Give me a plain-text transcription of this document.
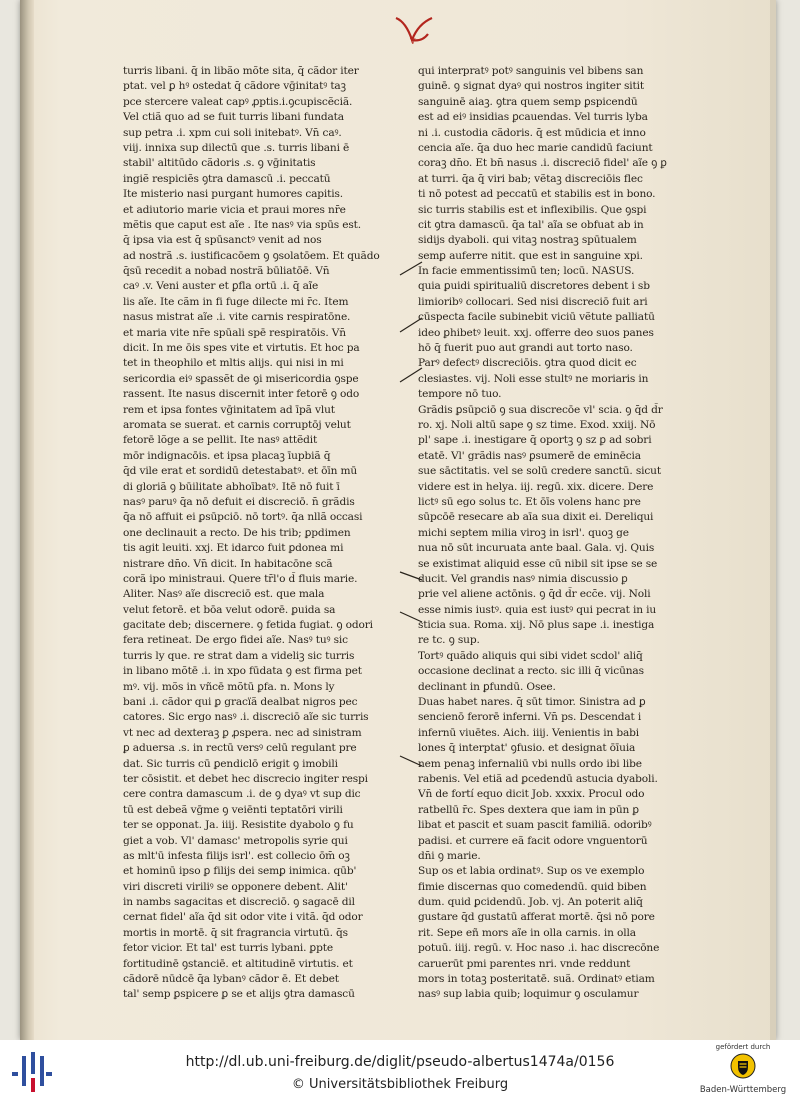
v
turris libani. q̄ in libão mõte sita, q̄ cãdor iter
ptat. vel ꝑ hꝰ ostedat q̄ cãdore vḡinitatꝰ taꝫ
pce stercere valeat capꝰ ꝓptis.i.ꝯcupiscẽciã.
Vel ctiã quo ad se fuit turris libani fundata
sup petra .i. xpm cui soli initebatꝰ. Vn̄ caꝰ.
viij. innixa sup dilectū que .s. turris libani ē
stabil' altitūdo cãdoris .s. ꝯ vḡinitatis
ingiẽ respiciẽs ꝯtra damascū .i. peccatū
Ite misterio nasi purgant humores capitis.
et adiutorio marie vicia et praui mores nr̄e
mẽtis que caput est aĩe . Ite nasꝰ via spūs est.
q̄ ipsa via est q̄ spūsanctꝰ venit ad nos
ad nostrã .s. iustificacōem ꝯ ꝯsolatōem. Et quãdo
q̄sū recedit a nobad nostrã būliatōē. Vn̄
caꝰ .v. Veni auster et ꝑfla ortū .i. q̄ aĩe
lis aĩe. Ite cãm in fi fuge dilecte mi r̄c. Item
nasus mistrat aĩe .i. vite carnis respiratōne.
et maria vite nr̄e spūali spē respiratōis. Vn̄
dicit. In me ōis spes vite et virtutis. Et hoc pa
tet in theophilo et mltis alijs. qui nisi in mi
sericordia eiꝰ sꝑassẽt de ꝯi misericordia ꝯspe
rassent. Ite nasus discernit inter fetorē ꝯ odo
rem et ipsa fontes vḡinitatem ad īpã vlut
aromata se suerat. et carnis corruptōj velut
fetorē lõge a se pellit. Ite nasꝰ attẽdit
mōr indignacōis. et ipsa placaꝫ īupbiã q̄
q̄d vile erat et sordidū detestabatꝰ. et ōīn mū
di gloriã ꝯ būilitate abhoībatꝰ. Itē nō fuit ī
nasꝰ paruꝰ q̄a nō defuit ei discreciō. n̄ grãdis
q̄a nō affuit ei ꝑsūpciō. nō tortꝰ. q̄a nllã occasi
one declinauit a recto. De his trib; ꝑpdimen
tis agit leuiti. xxj. Et idarco fuit ꝑdonea mi
nistrare dn̄o. Vn̄ dicit. In habitacōne scã
corã ipo ministraui. Quere tr̄l'o d̄ fluis marie.
Aliter. Nasꝰ aĩe discreciō est. que mala
velut fetorē. et bōa velut odorē. ꝑuida sa
gacitate deb; discernere. ꝯ fetida fugiat. ꝯ odori
fera retineat. De ergo fidei aĩe. Nasꝰ tuꝰ sic
turris ly que. re strat dam a videliꝫ sic turris
in libano mõtē .i. in xpo fūdata ꝯ est firma pet
mꝰ. vij. mõs in vñcē mõtū ꝑfa. n. Mons ly
bani .i. cãdor qui ꝑ gracïã dealbat nigros pec
catores. Sic ergo nasꝰ .i. discreciō aĩe sic turris
vt nec ad dexteraꝫ ꝑ ꝓspera. nec ad sinistram
ꝑ aduersa .s. in rectū versꝰ celū regulant pre
dat. Sic turris cū ꝑendiclō erigit ꝯ imobili
ter cōsistit. et debet hec discrecio ingiter respi
cere contra damascum .i. de ꝯ dyaꝰ vt sup dic
tū est debeã vḡme ꝯ veiēnti teptatōri virili
ter se opponat. Ja. iiij. Resistite dyabolo ꝯ fu
giet a vob. Vl' damasc' metropolis syrie qui
as mlt'ū infesta filijs isrl'. est collecio ōm̄ oꝫ
et hominū ipso ꝑ filijs dei semꝑ inimica. qūb'
viri discreti viriliꝰ se opponere debent. Alit'
in nambs sagacitas et discreciō. ꝯ sagacē dil
cernat fidel' aĩa q̄d sit odor vite i vitã. q̄d odor
mortis in mortē. q̄ sit fragrancia virtutū. q̄s
fetor vicior. Et tal' est turris lybani. ꝑpte
fortitudinē ꝯstanciē. et altitudinē virtutis. et
cãdorē nūdcē q̄a lybanꝰ cãdor ē. Et debet
tal' semp ꝑspicere ꝑ se et alijs ꝯtra damascū
qui interpratꝰ potꝰ sanguinis vel bibens san
guinē. ꝯ signat dyaꝰ qui nostros ingiter sitit
sanguinē aiaꝫ. ꝯtra quem semp ꝑspicendū
est ad eiꝰ insidias ꝑcauendas. Vel turris lyba
ni .i. custodia cãdoris. q̄ est mūdicia et inno
cencia aĩe. q̄a duo hec marie candidū faciunt
coraꝫ dn̄o. Et bn̄ nasus .i. discreciō fidel' aĩe ꝯ ꝑ
at turri. q̄a q̄ viri bab; vẽtaꝫ discreciōis flec
ti nō potest ad peccatū et stabilis est in bono.
sic turris stabilis est et inflexibilis. Que ꝯspi
cit ꝯtra damascū. q̄a tal' aĩa se obfuat ab in
sidijs dyaboli. qui vitaꝫ nostraꝫ spūtualem
semꝑ auferre nitit. que est in sanguine xpi.
In facie emmentissimū ten; locū. NASUS.
quia ꝑuidi spiritualiū discretores debent i sb
limioribꝰ collocari. Sed nisi discreciō fuit ari
cūspecta facile subinebit viciū vẽtute palliatū
ideo ꝑhibetꝰ leuit. xxj. offerre deo suos panes
hō q̄ fuerit puo aut grandi aut torto naso.
Parꝰ defectꝰ discreciōis. ꝯtra quod dicit ec
clesiastes. vij. Noli esse stultꝰ ne moriaris in
tempore nō tuo.
Grãdis ꝑsūpciō ꝯ sua discrecōe vl' scia. ꝯ q̄d d̄r
ro. xj. Noli altū sape ꝯ sz time. Exod. xxiij. Nō
pl' sape .i. inestigare q̄ oportꝫ ꝯ sz ꝑ ad sobri
etatē. Vl' grãdis nasꝰ ꝑsumerē de eminēcia
sue sāctitatis. vel se solū credere sanctū. sicut
videre est in helya. iij. regū. xix. dicere. Dere
lictꝰ sū ego solus tc. Et ōīs volens hanc pre
sūpcōē resecare ab aīa sua dixit ei. Dereliqui
michi septem milia viroꝫ in isrl'. quoꝫ ge
nua nō sūt incuruata ante baal. Gala. vj. Quis
se existimat aliquid esse cū nibil sit ipse se se
ducit. Vel grandis nasꝰ nimia discussio ꝑ
prie vel aliene actōnis. ꝯ q̄d d̄r ecc̄e. vij. Noli
esse nimis iustꝰ. quia est iustꝰ qui pecrat in iu
sticia sua. Roma. xij. Nō plus sape .i. inestiga
re tc. ꝯ sup.
Tortꝰ quãdo aliquis qui sibi videt scdol' aliq̄
occasione declinat a recto. sic illi q̄ vicūnas
declinant in ꝑfundū. Osee.
Duas habet nares. q̄ sūt timor. Sinistra ad ꝑ
sencienō ferorē inferni. Vn̄ ps. Descendat i
infernū viuētes. Aich. iiij. Venientis in babi
lones q̄ interptat' ꝯfusio. et designat ōīuia
nem penaꝫ infernaliū vbi nulls ordo ibi libe
rabenis. Vel etiã ad ꝑcedendū astucia dyaboli.
Vn̄ de fortí equo dicit Job. xxxix. Procul odo
ratbellū r̄c. Spes dextera que iam in pūn ꝑ
libat et pascit et suam pascit familiã. odoribꝰ
padisi. et currere eã facit odore vnguentorū
dn̄i ꝯ marie.
Sup os et labia ordinatꝰ. Sup os ve exemplo
fimie discernas quo comedendū. quid biben
dum. quid ꝑcidendū. Job. vj. An poterit aliq̄
gustare q̄d gustatū afferat mortē. q̄si nō pore
rit. Sepe eñ mors aĩe in olla carnis. in olla
potuū. iiij. regū. v. Hoc naso .i. hac discrecōne
caruerūt pmi parentes nri. vnde reddunt
mors in totaꝫ posteritatē. suã. Ordinatꝰ etiam
nasꝰ sup labia quib; loquimur ꝯ osculamur
http://dl.ub.uni-freiburg.de/diglit/pseudo-albertus1474a/0156
© Universitätsbibliothek Freiburg
gefördert durch
Baden-Württemberg
